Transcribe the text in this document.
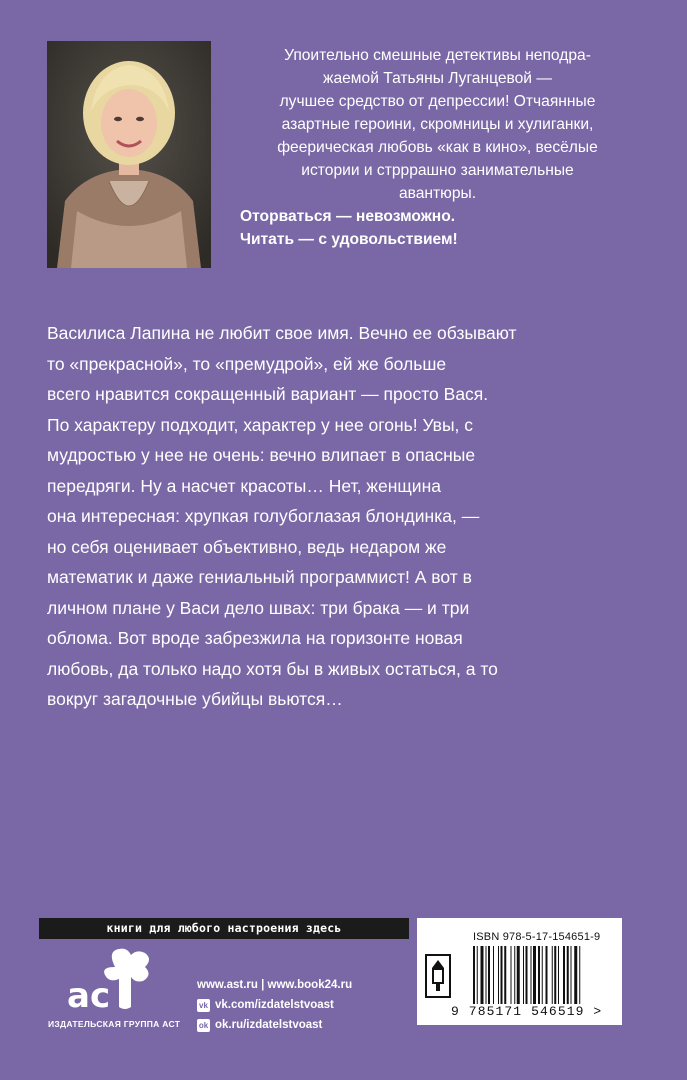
Упоительно смешные детективы неподра-

жаемой Татьяны Луганцевой —

лучшее средство от депрессии! Отчаянные

азартные героини, скромницы и хулиганки,

феерическая любовь «как в кино», весёлые

истории и стрррашно занимательные

авантюры.

Оторваться — невозможно.

Читать — с удовольствием!

Василиса Лапина не любит свое имя. Вечно ее обзывают

то «прекрасной», то «премудрой», ей же больше

всего нравится сокращенный вариант — просто Вася.

По характеру подходит, характер у нее огонь! Увы, с

мудростью у нее не очень: вечно влипает в опасные

передряги. Ну а насчет красоты… Нет, женщина

она интересная: хрупкая голубоглазая блондинка, —

но себя оценивает объективно, ведь недаром же

математик и даже гениальный программист! А вот в

личном плане у Васи дело швах: три брака — и три

облома. Вот вроде забрезжила на горизонте новая

любовь, да только надо хотя бы в живых остаться, а то

вокруг загадочные убийцы вьются…

книги для любого настроения здесь
ас
ИЗДАТЕЛЬСКАЯ ГРУППА АСТ
www.ast.ru | www.book24.ru
vk vk.com/izdatelstvoast
ok ok.ru/izdatelstvoast
ISBN 978-5-17-154651-9
9 785171 546519 >
